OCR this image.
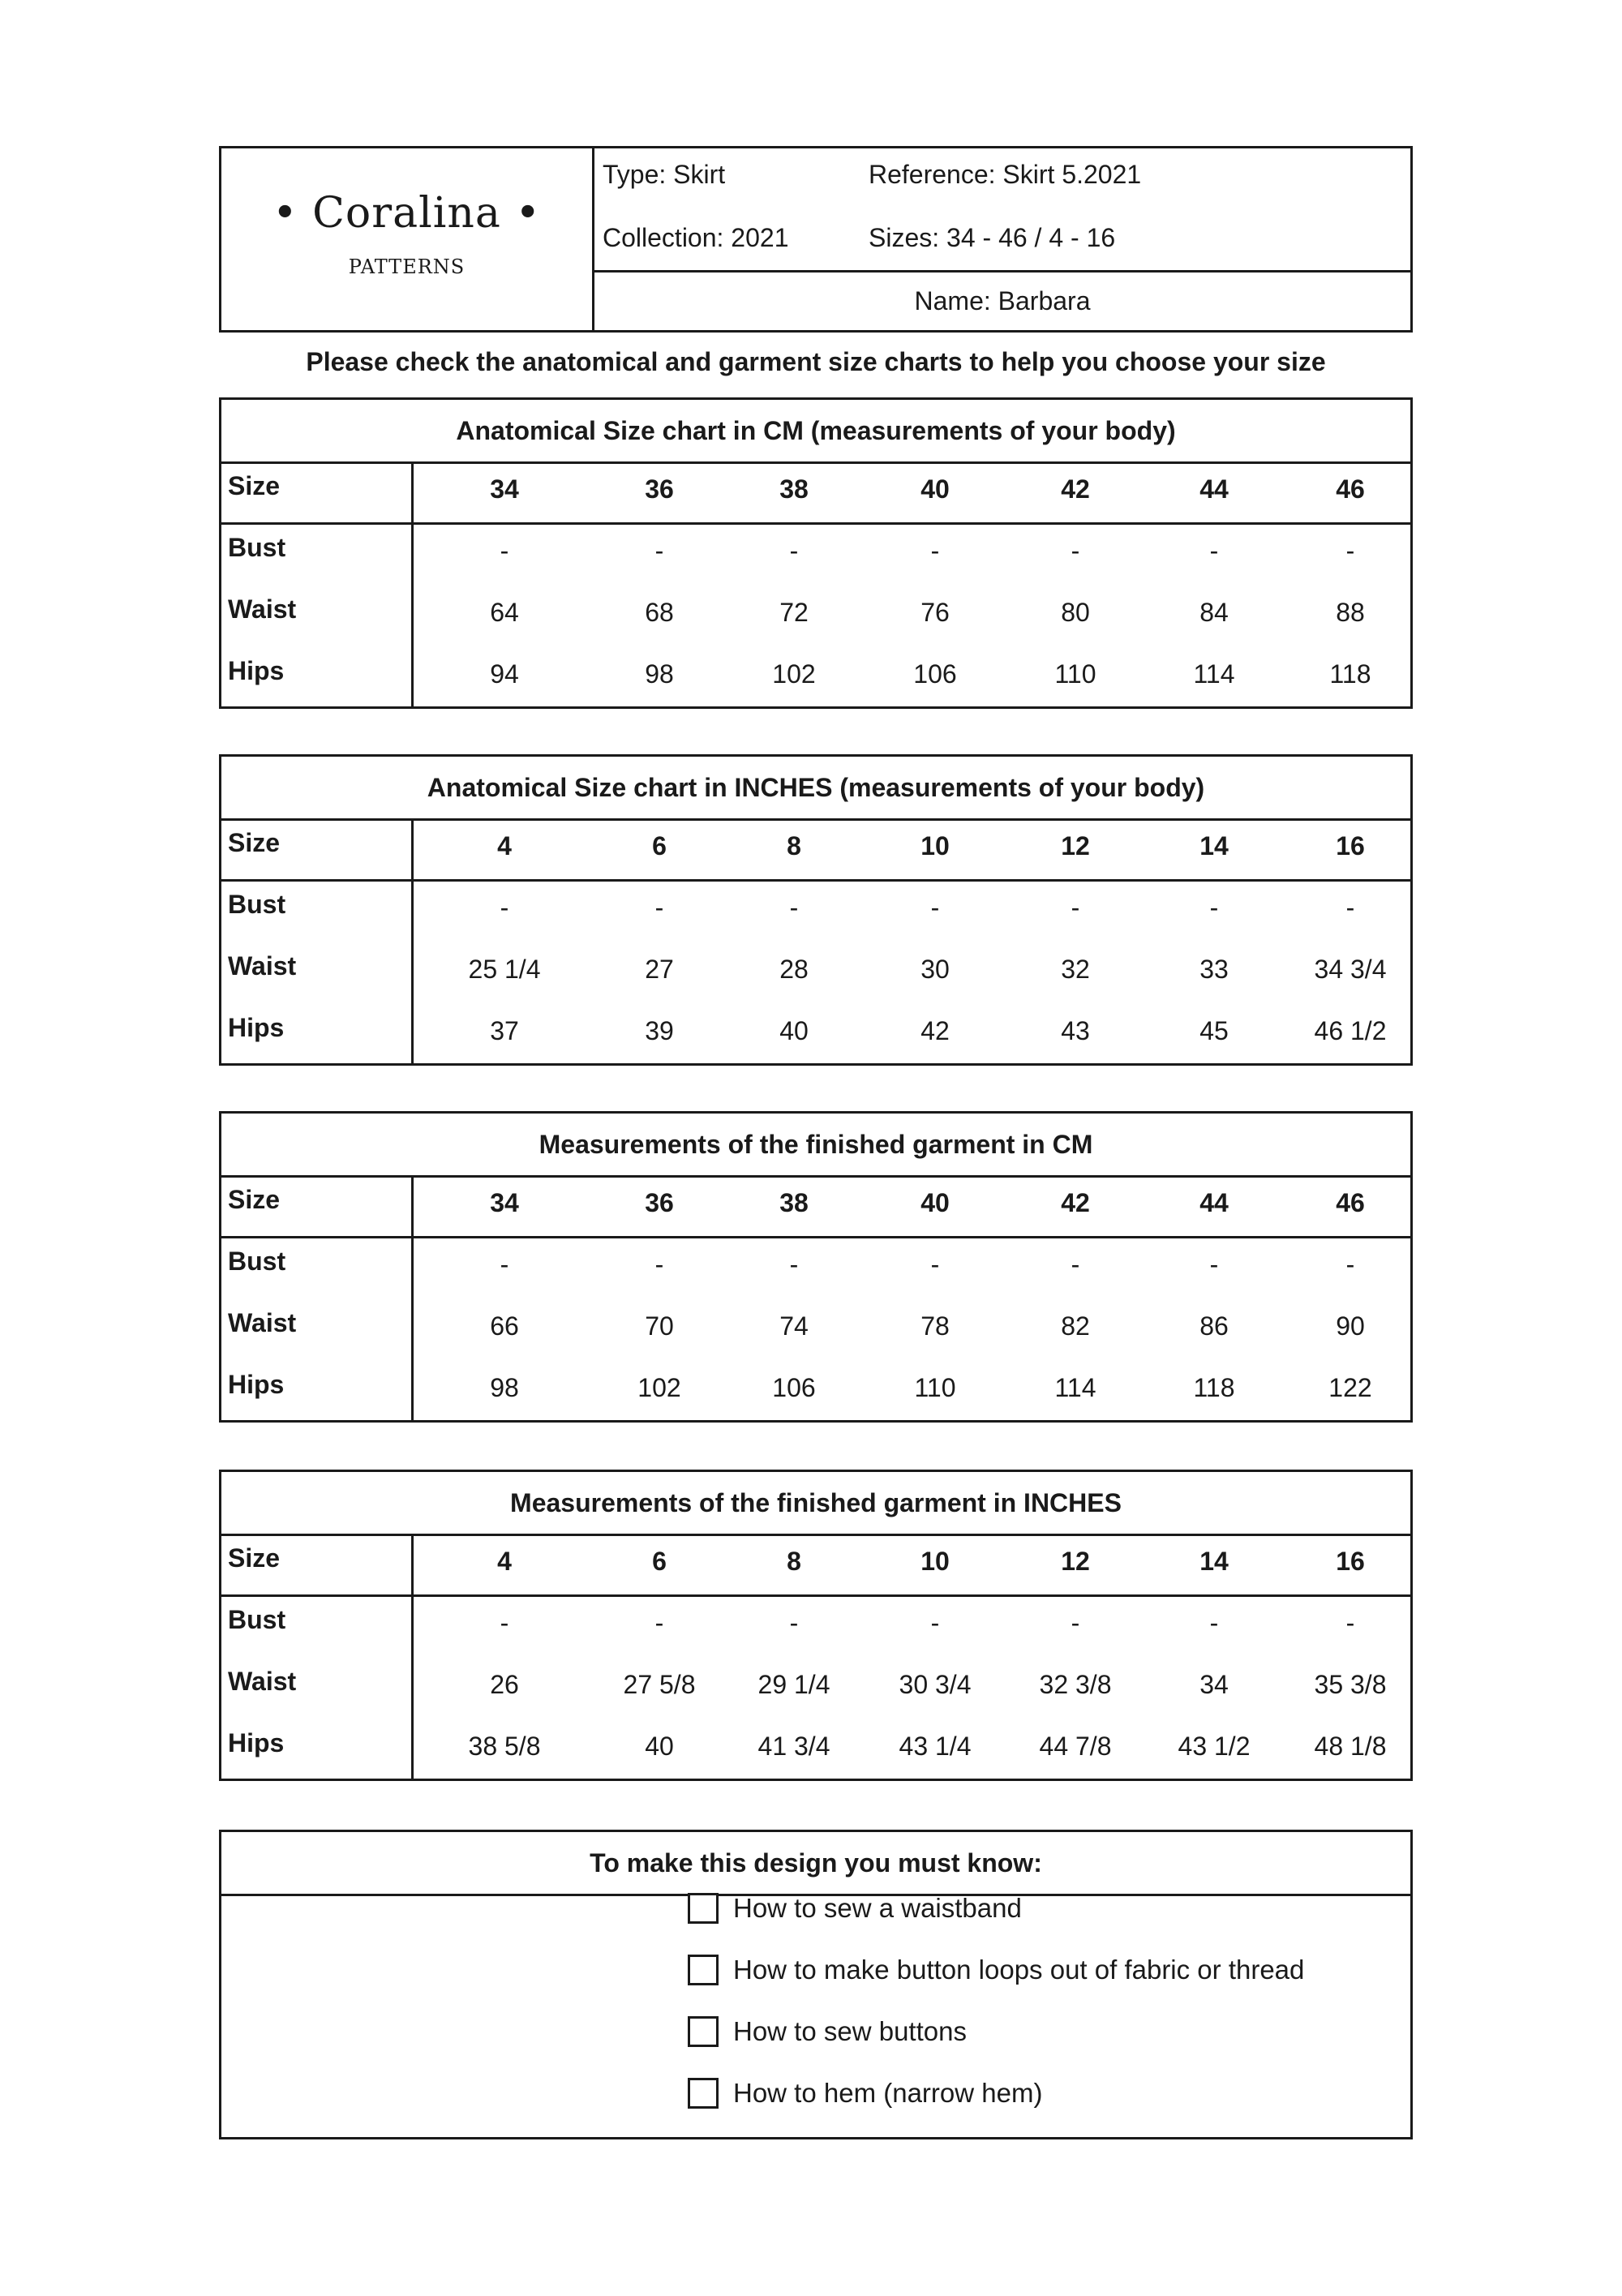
• Coralina •
PATTERNS
Type: Skirt	Reference: Skirt 5.2021
Collection: 2021	Sizes: 34 - 46 / 4 - 16
Name: Barbara
Please check the anatomical and garment size charts to help you choose your size
Anatomical Size chart in CM (measurements of your body)
Size	34	36	38	40	42	44	46
Bust	-	-	-	-	-	-	-
Waist	64	68	72	76	80	84	88
Hips	94	98	102	106	110	114	118
Anatomical Size chart in INCHES (measurements of your body)
Size	4	6	8	10	12	14	16
Bust	-	-	-	-	-	-	-
Waist	25 1/4	27	28	30	32	33	34 3/4
Hips	37	39	40	42	43	45	46 1/2
Measurements of the finished garment in CM
Size	34	36	38	40	42	44	46
Bust	-	-	-	-	-	-	-
Waist	66	70	74	78	82	86	90
Hips	98	102	106	110	114	118	122
Measurements of the finished garment in INCHES
Size	4	6	8	10	12	14	16
Bust	-	-	-	-	-	-	-
Waist	26	27 5/8	29 1/4	30 3/4	32 3/8	34	35 3/8
Hips	38 5/8	40	41 3/4	43 1/4	44 7/8	43 1/2	48 1/8
To make this design you must know:
How to sew a waistband
How to make button loops out of fabric or thread
How to sew buttons
How to hem (narrow hem)
